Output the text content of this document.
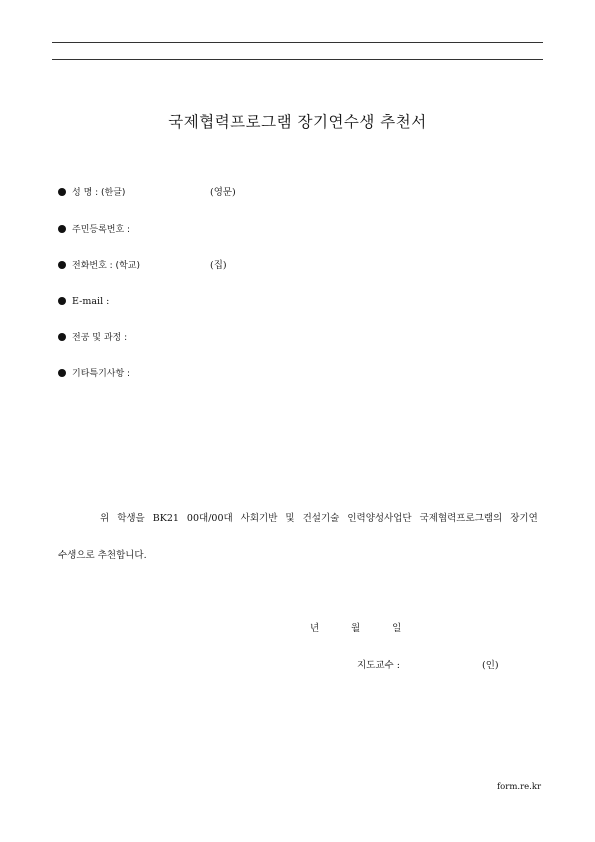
국제협력프로그램 장기연수생 추천서
성 명 : (한글)	(영문)
주민등록번호 :
전화번호 : (학교)	(집)
E-mail :
전공 및 과정 :
기타특기사항 :
위 학생을 BK21 00대/00대 사회기반 및 건설기술 인력양성사업단 국제협력프로그램의 장기연
수생으로 추천합니다.
년	월	일
지도교수 :	(인)
form.re.kr
